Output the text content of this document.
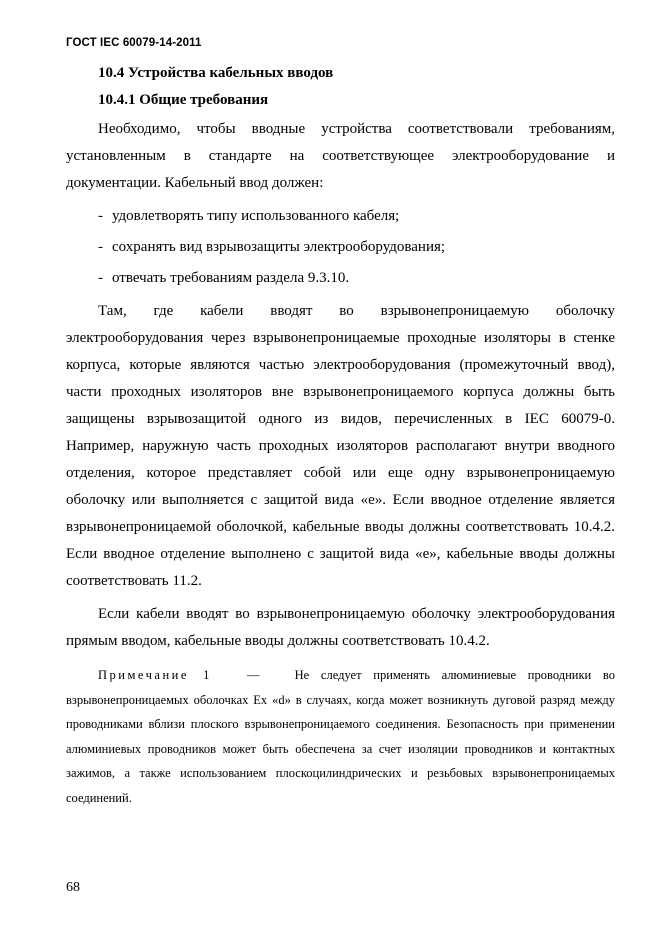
ГОСТ IEC 60079-14-2011
10.4 Устройства кабельных вводов
10.4.1 Общие требования

Необходимо, чтобы вводные устройства соответствовали требованиям, установленным в стандарте на соответствующее электрооборудование и документации. Кабельный ввод должен:

- удовлетворять типу использованного кабеля;
- сохранять вид взрывозащиты электрооборудования;
- отвечать требованиям раздела 9.3.10.

Там, где кабели вводят во взрывонепроницаемую оболочку электрооборудования через взрывонепроницаемые проходные изоляторы в стенке корпуса, которые являются частью электрооборудования (промежуточный ввод), части проходных изоляторов вне взрывонепроницаемого корпуса должны быть защищены взрывозащитой одного из видов, перечисленных в IEC 60079-0. Например, наружную часть проходных изоляторов располагают внутри вводного отделения, которое представляет собой или еще одну взрывонепроницаемую оболочку или выполняется с защитой вида «е». Если вводное отделение является взрывонепроницаемой оболочкой, кабельные вводы должны соответствовать 10.4.2. Если вводное отделение выполнено с защитой вида «е», кабельные вводы должны соответствовать 11.2.

Если кабели вводят во взрывонепроницаемую оболочку электрооборудования прямым вводом, кабельные вводы должны соответствовать 10.4.2.

Примечание 1	—	Не следует применять алюминиевые проводники во взрывонепроницаемых оболочках Ex «d» в случаях, когда может возникнуть дуговой разряд между проводниками вблизи плоского взрывонепроницаемого соединения. Безопасность при применении алюминиевых проводников может быть обеспечена за счет изоляции проводников и контактных зажимов, а также использованием плоскоцилиндрических и резьбовых взрывонепроницаемых соединений.
68
